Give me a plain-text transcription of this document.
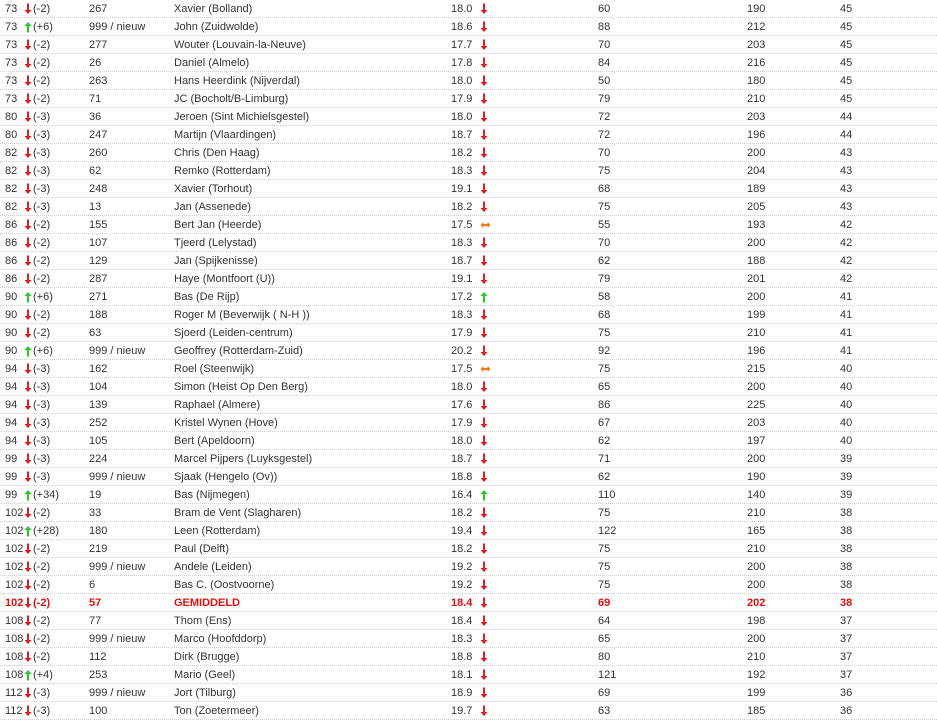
73 (-2)	267	Xavier (Bolland)	18.0	60	190	45
73 (+6)	999 / nieuw	John (Zuidwolde)	18.6	88	212	45
73 (-2)	277	Wouter (Louvain-la-Neuve)	17.7	70	203	45
73 (-2)	26	Daniel (Almelo)	17.8	84	216	45
73 (-2)	263	Hans Heerdink (Nijverdal)	18.0	50	180	45
73 (-2)	71	JC (Bocholt/B-Limburg)	17.9	79	210	45
80 (-3)	36	Jeroen (Sint Michielsgestel)	18.0	72	203	44
80 (-3)	247	Martijn (Vlaardingen)	18.7	72	196	44
82 (-3)	260	Chris (Den Haag)	18.2	70	200	43
82 (-3)	62	Remko (Rotterdam)	18.3	75	204	43
82 (-3)	248	Xavier (Torhout)	19.1	68	189	43
82 (-3)	13	Jan (Assenede)	18.2	75	205	43
86 (-2)	155	Bert Jan (Heerde)	17.5	55	193	42
86 (-2)	107	Tjeerd (Lelystad)	18.3	70	200	42
86 (-2)	129	Jan (Spijkenisse)	18.7	62	188	42
86 (-2)	287	Haye (Montfoort (U))	19.1	79	201	42
90 (+6)	271	Bas (De Rijp)	17.2	58	200	41
90 (-2)	188	Roger M (Beverwijk ( N-H ))	18.3	68	199	41
90 (-2)	63	Sjoerd (Leiden-centrum)	17.9	75	210	41
90 (+6)	999 / nieuw	Geoffrey (Rotterdam-Zuid)	20.2	92	196	41
94 (-3)	162	Roel (Steenwijk)	17.5	75	215	40
94 (-3)	104	Simon (Heist Op Den Berg)	18.0	65	200	40
94 (-3)	139	Raphael (Almere)	17.6	86	225	40
94 (-3)	252	Kristel Wynen (Hove)	17.9	67	203	40
94 (-3)	105	Bert (Apeldoorn)	18.0	62	197	40
99 (-3)	224	Marcel Pijpers (Luyksgestel)	18.7	71	200	39
99 (-3)	999 / nieuw	Sjaak (Hengelo (Ov))	18.8	62	190	39
99 (+34)	19	Bas (Nijmegen)	16.4	110	140	39
102 (-2)	33	Bram de Vent (Slagharen)	18.2	75	210	38
102 (+28)	180	Leen (Rotterdam)	19.4	122	165	38
102 (-2)	219	Paul (Delft)	18.2	75	210	38
102 (-2)	999 / nieuw	Andele (Leiden)	19.2	75	200	38
102 (-2)	6	Bas C. (Oostvoorne)	19.2	75	200	38
102 (-2)	57	GEMIDDELD	18.4	69	202	38
108 (-2)	77	Thom (Ens)	18.4	64	198	37
108 (-2)	999 / nieuw	Marco (Hoofddorp)	18.3	65	200	37
108 (-2)	112	Dirk (Brugge)	18.8	80	210	37
108 (+4)	253	Mario (Geel)	18.1	121	192	37
112 (-3)	999 / nieuw	Jort (Tilburg)	18.9	69	199	36
112 (-3)	100	Ton (Zoetermeer)	19.7	63	185	36
